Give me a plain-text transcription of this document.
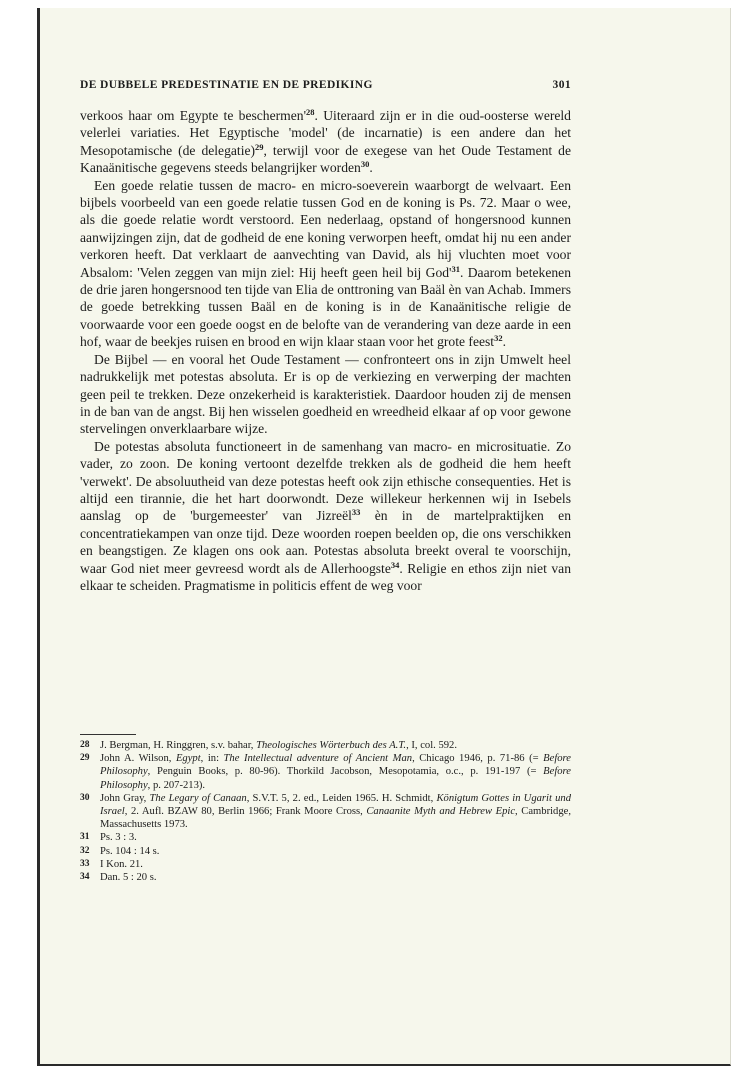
DE DUBBELE PREDESTINATIE EN DE PREDIKING	301

verkoos haar om Egypte te $beschermen'^{28}$. Uiteraard zijn er in die oud-oosterse wereld velerlei variaties. Het Egyptische 'model' (de incarnatie) is een andere dan het Mesopotamische (de delegatie)$^{29}$, terwijl voor de exegese van het Oude Testament de Kanaänitische gegevens steeds belangrijker worden$^{30}$.

Een goede relatie tussen de macro- en micro-soeverein waarborgt de welvaart. Een bijbels voorbeeld van een goede relatie tussen God en de koning is Ps. 72. Maar o wee, als die goede relatie wordt verstoord. Een nederlaag, opstand of hongersnood kunnen aanwijzingen zijn, dat de godheid de ene koning verworpen heeft, omdat hij nu een ander verkoren heeft. Dat verklaart de aanvechting van David, als hij vluchten moet voor Absalom: 'Velen zeggen van mijn ziel: Hij heeft geen heil bij $God'^{31}$. Daarom betekenen de drie jaren hongersnood ten tijde van Elia de onttroning van Baäl èn van Achab. Immers de goede betrekking tussen Baäl en de koning is in de Kanaänitische religie de voorwaarde voor een goede oogst en de belofte van de verandering van deze aarde in een hof, waar de beekjes ruisen en brood en wijn klaar staan voor het grote feest$^{32}$.

De Bijbel — en vooral het Oude Testament — confronteert ons in zijn Umwelt heel nadrukkelijk met potestas absoluta. Er is op de verkiezing en verwerping der machten geen peil te trekken. Deze onzekerheid is karakteristiek. Daardoor houden zij de mensen in de ban van de angst. Bij hen wisselen goedheid en wreedheid elkaar af op voor gewone stervelingen onverklaarbare wijze.

De potestas absoluta functioneert in de samenhang van macro- en microsituatie. Zo vader, zo zoon. De koning vertoont dezelfde trekken als de godheid die hem heeft 'verwekt'. De absoluutheid van deze potestas heeft ook zijn ethische consequenties. Het is altijd een tirannie, die het hart doorwondt. Deze willekeur herkennen wij in Isebels aanslag op de 'burgemeester' van Jizreël$^{33}$ èn in de martelpraktijken en concentratiekampen van onze tijd. Deze woorden roepen beelden op, die ons verschikken en beangstigen. Ze klagen ons ook aan. Potestas absoluta breekt overal te voorschijn, waar God niet meer gevreesd wordt als de Allerhoogste$^{34}$. Religie en ethos zijn niet van elkaar te scheiden. Pragmatisme in politicis effent de weg voor

28 J. Bergman, H. Ringgren, s.v. bahar, Theologisches Wörterbuch des A.T., I, col. 592.
29 John A. Wilson, Egypt, in: The Intellectual adventure of Ancient Man, Chicago 1946, p. 71-86 (= Before Philosophy, Penguin Books, p. 80-96). Thorkild Jacobson, Mesopotamia, o.c., p. 191-197 (= Before Philosophy, p. 207-213).
30 John Gray, The Legary of Canaan, S.V.T. 5, 2. ed., Leiden 1965. H. Schmidt, Königtum Gottes in Ugarit und Israel, 2. Aufl. BZAW 80, Berlin 1966; Frank Moore Cross, Canaanite Myth and Hebrew Epic, Cambridge, Massachusetts 1973.
31 Ps. 3 : 3.
32 Ps. 104 : 14 s.
33 I Kon. 21.
34 Dan. 5 : 20 s.
